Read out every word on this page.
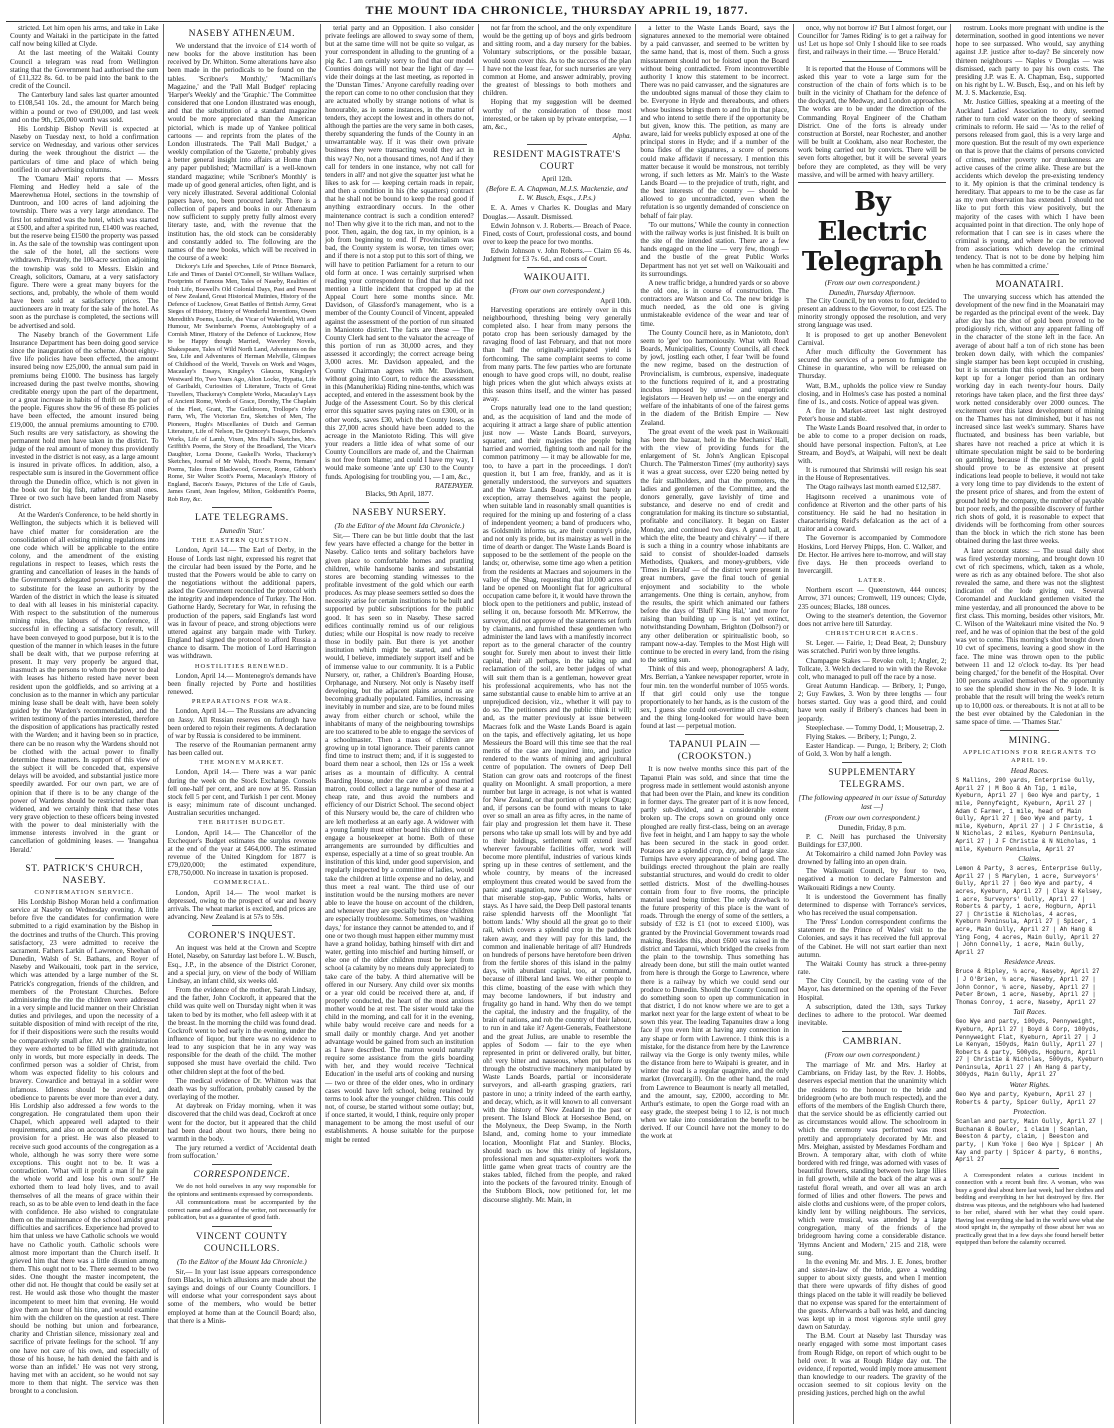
THE MOUNT IDA CHRONICLE, THURSDAY APRIL 19, 1877.

stricted. Let him open his arms, and take in Lake County and Waitaki in the participate in the fatted calf now being killed at Clyde.

At the last meeting of the Waitaki County Council a telegram was read from Wellington stating that the Government had authorised the sum of £11,322 8s. 6d. to be paid into the bank to the credit of the Council.

The Canterbury land sales last quarter amounted to £108,541 10s. 2d., the amount for March being within a pound or two of £90,000, and last week and on the 9th, £26,000 worth was sold.

His Lordship Bishop Nevill is expected at Naseby on Tuesday next, to hold a confirmation service on Wednesday, and various other services during the week throughout the district — the particulars of time and place of which being notified in our advertising columns.

The 'Oamaru Mail' reports that — Messrs Fleming and Hedley held a sale of the Maerewhenua Hotel, sections in the township of Duntroon, and 100 acres of land adjoining the township. There was a very large attendance. The first lot submitted was the hotel, which was started at £500, and after a spirited run, £1400 was reached, but the reserve being £1500 the property was passed in. As the sale of the township was contingent upon the sale of the hotel, all the sections were withdrawn. Privately, the 100-acre section adjoining the township was sold to Messrs. Elskin and Creagh, solicitors, Oamaru, at a very satisfactory figure. There were a great many buyers for the sections, and, probably, the whole of them would have been sold at satisfactory prices. The auctioneers are in treaty for the sale of the hotel. As soon as the purchase is completed, the sections will be advertised and sold.

The Naseby branch of the Government Life Insurance Department has been doing good service since the inauguration of the scheme. About eighty-five life policies have been effected, the amount insured being now £25,000, the annual sum paid in premiums being £1000. The business has largely increased during the past twelve months, showing creditable energy upon the part of the department, or a great increase in habits of thrift on the part of the people. Figures show the 96 of these 85 policies have been effected, the amount insured being £19,000, the annual premiums amounting to £700. Such results are very satisfactory, as showing the permanent hold men have taken in the district. To judge of the real amount of money thus providently invested in the district is not easy, as a large amount is insured in private offices. In addition, also, a respectable sum is insured in the Government office through the Dunedin office, which is not given in the book out for big fish, rather than small ones. Three or two such have been landed from Naseby district.

At the Warden's Conference, to be held shortly in Wellington, the subjects which it is believed will have chief matter for consideration are the consolidation of all existing mining regulations into one code which will be applicable to the entire colony, and the amendment of the existing regulations in respect to leases, which rests the granting and cancellation of leases in the hands of the Government's delegated powers. It is proposed to substitute for the lease an authority by the Warden of the district in which the lease is situated to deal with all leases in his ministerial capacity. With respect to the substitution of the numerous mining rules, the labours of the Conference, if successful in effecting a satisfactory result, will have been conveyed to good purpose, but it is to the question of the manner in which leases in the future shall be dealt with, that we purpose referring at present. It may very properly be argued that, inasmuch as the persons to whom the power to deal with leases has hitherto rested have never been resident upon the goldfields, and so arriving at a conclusion as to the manner in which any particular mining lease shall be dealt with, have been solely guided by the Warden's recommendation, and the written testimony of the parties interested, therefore the disposition of applications has practically rested with the Warden; and it having been so in practice, there can be no reason why the Wardens should not be clothed with the actual power to finally determine these matters. In support of this view of the subject it will be conceded that, expensive delays will be avoided, and substantial justice more speedily awarded. For our own part, we are of opinion that if there is to be any change of the power of Wardens should be restricted rather than widened, and we certainly think that these votes very grave objection to these officers being invested with the power to deal ministerially with the immense interests involved in the grant or cancellation of goldmining leases. — 'Inangahua Herald.'

ST. PATRICK'S CHURCH, NASEBY.
CONFIRMATION SERVICE.

His Lordship Bishop Moran held a confirmation service at Naseby on Wednesday evening. A little before five the candidates for confirmation were submitted to a rigid examination by the Bishop in the doctrines and truths of the Church. This proving satisfactory, 23 were admitted to receive the sacrament. Fathers Larkin of Lawrence, Sheehan of Dunedin, Walsh of St. Bathans, and Royer of Naseby and Waikouaiti, took part in the service, which was attended by a large number of the St. Patrick's congregation, friends of the children, and members of the Protestant Churches. Before administering the rite the children were addressed in a very simple and lucid manner on their Christian duties and privileges, and upon the necessity of a suitable disposition of mind with receipt of the rite, for if their dispositions were such the results would be comparatively small after. All the administration they were exhorted to be filled with gratitude, not only in words, but more especially in deeds. The confirmed person was a soldier of Christ, from whom was expected fidelity to his colours and bravery. Cowardice and betrayal in a soldier were infamous. Idleness should be avoided, and obedience to parents be ever more than ever a duty. His Lordship also addressed a few words to the congregation. He congratulated them upon their Chapel, which appeared well adapted to their requirements, and also on account of the exuberant provision for a priest. He was also pleased to receive such good accounts of the congregation as a whole, although he was sorry there were some exceptions. This ought not to be. It was a contradiction. 'What will it profit a man if he gain the whole world and lose his own soul?' He exhorted them to lead holy lives, and to avail themselves of all the means of grace within their reach, so as to be able even to lend death in the face with confidence. He also wished to congratulate them on the maintenance of the school amidst great difficulties and sacrifices. Experience had proved to him that unless we have Catholic schools we would have no Catholic youth. Catholic schools were almost more important than the Church itself. It grieved him that there was a little disunion among them. This ought not to be. There seemed to be two sides. One thought the master incompetent, the other did not. He thought that could be easily set at rest. He would ask those who thought the master incompetent to meet him that evening. He would give them an hour of his time, and would examine him with the children on the question at rest. There should be nothing but union and forbearance, charity and Christian silence, missionary zeal and sacrifice of private feelings for the school. 'If any one have not care of his own, and especially of those of his house, he hath denied the faith and is worse than an infidel.' He was not very strong, having met with an accident, so he would not say more to them that night. The service was then brought to a conclusion.

NASEBY ATHENÆUM.

We understand that the invoice of £14 worth of new books for the above institution has been received by Dr. Whitton. Some alterations have also been made in the periodicals to be found on the tables. 'Scribner's Monthly,' 'Macmillan's Magazine,' and the 'Pall Mall Budget' replacing 'Harper's Weekly' and the 'Graphic.' The Committee considered that one London illustrated was enough, and that the substitution of a standard magazine would be more appreciated than the American pictorial, which is made up of Yankee political cartoons — and reprints from the plates of the London illustrateds. The 'Pall Mall Budget,' a weekly compilation of the 'Gazette,' probably gives a better general insight into affairs at Home than any paper published; 'Macmillan' is a well-known standard magazine; while 'Scribner's Monthly' is made up of good general articles, often light, and is very nicely illustrated. Several additional Colonial papers have, too, been procured lately. There is a collection of papers and books in our Athenæum now sufficient to supply pretty fully almost every literary taste, and, with the revenue that the institution has, the old stock can be considerably and constantly added to. The following are the names of the new books, which will be received in the course of a week:

Dickory's Life and Speeches, Life of Prince Bismarck, Life and Times of Daniel O'Connell, Sir William Wallace, Footprints of Famous Men, Tales of Naseby, Realities of Irish Life, Boswell's Old Colonial Days, Past and Present of New Zealand, Great Historical Mutinies, History of the Defence of Lucknow, Great Battles of British Army, Great Sieges of History, History of Wonderful Inventions, Owen Meredith's Poems, Lucile, the Vicar of Wakefield, Wit and Humour, Mr Swinburne's Poems, Autobiography of a Cornish Miner, History of the Defence of Lucknow, How to be Happy though Married, Waverley Novels, Shakespeare, Tales of Wild North Land, Adventures on the Sea, Life and Adventures of Herman Melville, Glimpses of Childhood of the World, Travels on Work and Wages, Macaulay's Essays, Kingsley's Glaucus, Kingsley's Westward Ho, Two Years Ago, Alton Locke, Hypatia, Life of Garibaldi, Curiosities of Literature, Tracts of Great Travellers, Thackeray's Complete Works, Macaulay's Lays of Ancient Rome, Words of Grace, Dorothy, The Chaplain of the Fleet, Grant, The Guildroom, Trollope's Orley Farm, Wh, The Victorian Era, Sketches of Men, The Pioneers, Hugh's Miscellanies of Dutch and German Literature, Life of Nelson, De Quincey's Essays, Dickens's Works, Life of Lamb, Vixen, Mrs Hall's Sketches, Mrs. Griffith's Poems, the Story of the Broadland, The Vicar's Daughter, Lorna Doone, Gaskell's Works, Thackeray's Sketches, Journal of Mr Walsh, Hood's Poems, Hemans' Poems, Tales from Blackwood, Greece, Rome, Gibbon's Rome, Sir Walter Scott's Poems, Macaulay's History of England, Bacon's Essays, Pictures of the Life of Gauls, James Grant, Jean Ingelow, Milton, Goldsmith's Poems, Rob Roy, &c.

LATE TELEGRAMS.
Dunedin 'Star.'
THE EASTERN QUESTION.

London, April 14.— The Earl of Derby, in the House of Lords last night, expressed his regret that the circular had been issued by the Porte, and he trusted that the Powers would be able to carry on the negotiations without the additional papers, asked the Government reconciled the protocol with the integrity and independence of Turkey. The Hon. Gathorne Hardy, Secretary for War, in refusing the production of the papers, said England's last word was in favour of peace, and strong objections were uttered against any bargain made with Turkey. England had signed the protocol to afford Russia a chance to disarm. The motion of Lord Harrington was withdrawn.

HOSTILITIES RENEWED.

London, April 14.— Montenegro's demands have been finally rejected by Porte and hostilities renewed.

PREPARATIONS FOR WAR.

London, April 14.— The Russians are advancing on Jassy. All Russian reserves on furlough have been ordered to rejoin their regiments. A declaration of war by Russia is considered to be imminent.

The reserve of the Roumanian permanent army has been called out.

THE MONEY MARKET.

London, April 14.— There was a war panic during the week on the Stock Exchange. Consols fell one-half per cent, and are now at 95. Russian stock fell 5 per cent, and Turkish 1 per cent. Money is easy; minimum rate of discount unchanged. Australian securities unchanged.

THE BRITISH BUDGET.

London, April 14.— The Chancellor of the Exchequer's Budget estimates the surplus revenue at the end of the year at £464,000. The estimated revenue of the United Kingdom for 1877 is £79,020,000; the estimated expenditure, £78,750,000. No increase in taxation is proposed.

COMMERCIAL.

London, April 14.— The wool market is depressed, owing to the prospect of war and heavy arrivals. The wheat market is excited, and prices are advancing. New Zealand is at 57s to 59s.

CORONER'S INQUEST.

An inquest was held at the Crown and Sceptre Hotel, Naseby, on Saturday last before L. W. Busch, Esq., J.P., in the absence of the District Coroner, and a special jury, on view of the body of William Lindsay, an infant child, six weeks old.

From the evidence of the mother, Sarah Lindsay, and the father, John Cockroft, it appeared that the child was quite well on Thursday night when it was taken to bed by its mother, who fell asleep with it at the breast. In the morning the child was found dead. Cockroft went to bed early in the evening, under the influence of liquor, but there was no evidence to lead to any suspicion that he in any way was responsible for the death of the child. The mother supposed she must have overlaid the child. Two other children slept at the foot of the bed.

The medical evidence of Dr. Whitton was that death was by suffocation, probably caused by the overlaying of the mother.

At daybreak on Friday morning, when it was discovered that the child was dead, Cockroft at once went for the doctor, but it appeared that the child had been dead about two hours, there being no warmth in the body.

The jury returned a verdict of 'Accidental death from suffocation.'

CORRESPONDENCE.

We do not hold ourselves in any way responsible for the opinions and sentiments expressed by correspondents.

All communications must be accompanied by the correct name and address of the writer, not necessarily for publication, but as a guarantee of good faith.

VINCENT COUNTY COUNCILLORS.
(To the Editor of the Mount Ida Chronicle.)

Sir,— In your last issue appears correspondence from Blacks, in which allusions are made about the sayings and doings of our County Councillors. I will endorse what your correspondent says about some of the members, who would be better employed at home than at the Council Board; also, that there is a Minis-

terial party and an Opposition. I also consider private feelings are allowed to sway some of them, but at the same time will not be quite so vulgar, as your correspondent in alluding to the grunting of a pig &c. I am certainly sorry to find that our model Counties doings will not bear the light of day — vide their doings at the last meeting, as reported in the 'Dunstan Times.' Anyone carefully reading over the report can come to no other conclusion that they are actuated wholly by strange notions of what is honourable, as in some instances, in the matter of tenders, they accept the lowest and in others do not, although the parties are the very same in both cases, thereby squandering the funds of the County in an unwarrantable way. If it was their own private business they were transacting would they act in this way? No, not a thousand times, no! And if they call for tenders in one instance, why not call for tenders in all? and not give the squatter just what he likes to ask for — keeping certain roads in repair, and then a condition in his (the squatters) contract that he shall not be bound to keep the road good if anything extraordinary occurs. In the other maintenance contract is such a condition entered? no! Then why give it to the rich man, and not to the poor. Then, again, the dog tax, in my opinion, is a job from beginning to end. If Provincialism was bad, the County system is worse, ten times over; and if there is not a stop put to this sort of thing, we will have to petition Parliament for a return to our old form at once. I was certainly surprised when reading your correspondent to find that he did not mention a little incident that cropped up at the Appeal Court here some months since. Mr. Davidson, of Glassford's management, who is a member of the County Council of Vincent, appealed against the assessment of the portion of run situated in Maniototo district. The facts are these — The County Clerk had sent to the valuator the acreage of this portion of run as 30,000 acres, and they assessed it accordingly; the correct acreage being 3,000 acres. Mr. Davidson appealed, and the County Chairman agrees with Mr. Davidson, without going into Court, to reduce the assessment in this (Manuherikia) Riding nine-tenths, which was accepted, and entered in the assessment book by the Judge of the Assessment Court. So by this clerical error this squatter saves paying rates on £300, or in other words, saves £30, which the County loses, as this 27,000 acres should have been added to the acreage in the Maniototo Riding. This will give your readers a little idea of what some of our County Councillors are made of, and the Chairman is not free from blame; and could I have my way, I would make someone 'ante up' £30 to the County funds. Apologising for troubling you, — I am, &c.,

RATEPAYER.
Blacks, 9th April, 1877.
NASEBY NURSERY.
(To the Editor of the Mount Ida Chronicle.)

Sir,— There can be but little doubt that the last few years have effected a change for the better in Naseby. Calico tents and solitary bachelors have given place to comfortable homes and prattling children, while handsome banks and substantial stores are becoming standing witnesses to the profitable investment of the gold which our earth produces. As may please seemers settled so does the necessity arise for certain institutions to be built and supported by public subscriptions for the public good. It has seen so in Naseby. These sacred edifices continually remind us of our religious duties; while our Hospital is now ready to receive those in bodily pain. But there is yet another institution which might be started, and which would, I believe, immediately support itself and be of immense value to our community. It is a Public Nursery, or, rather, a Children's Boarding House, Orphanage, and Nursery. Not only is Naseby itself developing, but the adjacent plains around us are becoming gradually populated. Families, increasing inevitably in number and size, are to be found miles away from either church or school, while the inhabitants of many of the neighbouring townships are too scattered to be able to engage the services of a schoolmaster. Then a mass of children are growing up in total ignorance. Their parents cannot find time to instruct them; and, if it is suggested to board them near a school, then 12s or 15s a week arises as a mountain of difficulty. A central Boarding House, under the care of a good married matron, could collect a large number of these at a cheap rate, and thus avoid the numbers and efficiency of our District School. The second object of this Nursery would be, the care of children who are left motherless at an early age. A widower with a young family must either board his children out or engage a housekeeper at home. Both of these arrangements are surrounded by difficulties and expense, especially at a time of so great trouble. An institution of this kind, under good supervision, and regularly inspected by a committee of ladies, would take the children at little expense and no delay, and thus meet a real want. The third use of our institution would be the nursing mothers are never able to leave the house on account of the children, and whenever they are specially busy these children are especially troublesome. Sometimes, on 'washing days,' for instance they cannot be attended to, and if one or two though must happen either mummy must have a grand holiday, bathing himself with dirt and water, getting into mischief and hurting himself, or else one of the older children must be kept from school (a calamity by no means duly appreciated) to take care of the baby. A third alternative will be offered in our Nursery. Any child over six months or a year old could be received there at, and, if properly conducted, the heart of the most anxious mother would be at rest. The sister would take the child in the morning, and call for it in the evening, while baby would receive care and needs for a small daily or monthly charge. And yet another advantage would be gained from such an institution as I have described. The matron would naturally require some assistance from the girls boarding with her, and they would receive 'Technical Education' in the useful arts of cooking and nursing — two or three of the elder ones, who in ordinary cases would have left school, being retained by terms to look after the younger children. This could not, of course, be started without some outlay; but, if once started, it would, I think, require only proper management to be among the most useful of our establishments. A house suitable for the purpose might be rented

not far from the school, and the only expenditure would be the getting up of boys and girls bedroom and sitting room, and a day nursery for the babies. Voluntary subscriptions, or the possible bazaar, would soon cover this. As to the success of the plan I have not the least fear, for such nurseries are very common at Home, and answer admirably, proving the greatest of blessings to both mothers and children.

Hoping that my suggestion will be deemed worthy of the consideration of those most interested, or be taken up by private enterprise, — I am, &c.,

Alpha.
RESIDENT MAGISTRATE'S COURT
April 12th.
(Before E. A. Chapman, M.J.S. Mackenzie, and L. W. Busch, Esqs., J.P.s.)

E. A. Ames v Charles K. Douglas and Mary Douglas.— Assault. Dismissed.

Edwin Johnson v. J. Roberts.— Breach of Peace. Fined, costs of Court, professional costs, and bound over to keep the peace for two months.

Edwin Johnson v. John Roberts.— Claim £6 4s. Judgment for £3 7s. 6d., and costs of Court.

WAIKOUAITI.
(From our own correspondent.)
April 10th.

Harvesting operations are entirely over in this neighbourhood, threshing being very generally completed also. I hear from many persons the potato crop has been seriously damaged by the ravaging flood of last February, and that not more than half the originally-anticipated yield is forthcoming. The same complaint seems to come from many parts. The few parties who are fortunate enough to have good crops will, no doubt, realise high prices when the glut which always exists at this season thins itself, and the winter has passed away.

Crops naturally lead one to the land question; and, as the acquisition of land and the mode of acquiring it attract a large share of public attention just now — Waste Lands Board, surveyors, squatter, and their majesties the people being harried and worried, fighting tooth and nail for the common patrimony — it may be allowable for me, too, to have a part in the proceedings. I don't question it, but I am free, frankly, and as it is generally understood, the surveyors and squatters and the Waste Lands Board, with but barely an exception, array themselves against the people, when suitable land in reasonably small quantities is required for the mining up and fostering of a class of independent yeomen; a band of producers who, as Goldsmith informs us, are their country's pride, and not only its pride, but its mainstay as well in the time of dearth or danger. The Waste Lands Board is supposed to be the settlement of the people on the lands; or, otherwise, some time ago when a petition from the residents at Macraes and sojourners in the valley of the Shag, requesting that 10,000 acres of land be opened on Moonlight flat for agricultural occupation came before it, it would have thrown the block open to the petitioners and public, instead of selling it on, because forsooth Mr. M'Kerrow, the surveyor, did not approve of the statements set forth by claimants, and furnished these gentlemen who administer the land laws with a manifestly incorrect report as to the general character of the country sought for. Surely men about to invest their little capital, their all perhaps, in the taking up and reclamation of the soil, are better judges of what will suit them than is a gentleman, however great his professional acquirements, who has not the same substantial cause to enable him to arrive at an unprejudiced decision, viz., whether it will pay to do so. The petitioners and the public think it will; and, as the matter previously at issue between Macraes folk and the Waste Lands Board is again on the tapis, and effectively agitating, let us hope Messieurs the Board will this time see that the real merits of the case are inquired into, and justice rendered to the wants of mining and agricultural centre of population. The owners of Deep Dell Station can grow oats and rootcrops of the finest quality on Moonlight. A small proportion, a mere number but large in acreage, is not what is wanted for New Zealand, or that portion of it yclept Otago; and, if persons can be found with means to take over so small an area as fifty acres, in the name of fair play and progression let them have it. These persons who take up small lots will by and bye add to their holdings, settlement will extend itself wherever favourable facilities offer, work will become more plentiful, industries of various kinds spring up in these centres of settlement, and the whole country, by means of the increased employment thus created would be saved from the panic and stagnation, now so common, whenever that miserable stop-gap, Public Works, halts or stays. As I have said, the Deep Dell pastoral tenants raise splendid harvests off the Moonlight 'fat bottom lands.' Why should all the great go to their rail, which covers a splendid crop in the paddock taken away, and they will pay for this land, the common and inalienable heritage of all? Hundreds on hundreds of persons have heretofore been driven from the fertile shores of this island in the palmy days, with abundant capital, too, at command, because of illiberal land laws. We either people to this clime, boasting of the ease with which they may become landowners, if but industry and frugality go hand in hand. Why then do we tempt the capital, the industry and the frugality, of the brain of nations, and rob the country of their labour, to run in and take it? Agent-Generals, Featherstone and the great Julius, are unable to resemble the apples of Sodom — fair to the eye when represented in print or delivered orally, but bitter, oh! very bitter and nauseous, when put before us through the obstructive machinery manipulated by Waste Lands Boards, partial or inconsiderate surveyors, and all-earth grasping graziers, rari pastore in uno; a trinity indeed of the earth earthy, and decay, which, as it will known to all conversant with the history of New Zealand in the past or present. The Island Block at Horseshoe Bend, on the Molyneux, the Deep Swamp, in the North Island, and, coming home to your immediate location, Moonlight Flat and Stanley. Blocks, should teach us how this trinity of legislators, professional men and squatter-exploiters work the little game when great tracts of country are the stakes tabled, filched from the people, and raked into the pockets of the favoured trinity. Enough of the Stubborn Block, now petitioned for, let me discourse slightly. Mr. Main, in

a letter to the Waste Lands Board, says the signatures annexed to the memorial were obtained by a paid canvasser, and seemed to be written by the same hand, that is, most of them. Such a gross misstatement should not be foisted upon the Board without being contradicted. From incontrovertible authority I know this statement to be incorrect. There was no paid canvasser, and the signatures are the undoubted signs manual of those they claim to be. Everyone in Hyde and thereabouts, and others whose business brings them to and fro in that place, and who intend to settle there if the opportunity be but given, know this. The petition, as many are aware, laid for weeks publicly exposed at one of the principal stores in Hyde; and if a number of the bona fides of the signatures, a score of persons could make affidavit if necessary. I mention this matter because it would be monstrous, not terribly wrong, if such letters as Mr. Main's to the Waste Lands Board — to the prejudice of truth, right, and the best interests of the country — should be allowed to go uncontradicted, even when the refutation is so urgently demanded of conscience on behalf of fair play.

'To our muttons,' While the county in connection with the railway works is just finished. It is built on the site of the intended station. There are a few hands engaged on the line — very few, though — and the bustle of the great Public Works Department has not yet set well on Waikouaiti and its surroundings.

A new traffic bridge, a hundred yards or so above the old one, is in course of construction. The contractors are Watson and Co. The new bridge is much needed, as the old one is giving unmistakeable evidence of the wear and tear of time.

The County Council here, as in Maniototo, don't seem to 'gee' too harmoniously. What with Road Boards, Municipalities, County Councils, all check by jowl, jostling each other, I fear 'twill be found the new regime, based on the destruction of Provincialism, is cumbrous, expensive, inadequate to the functions required of it, and a prostrating incubus imposed by unwise and unpatriotic legislators — Heaven help us! — on the energy and welfare of the inhabitants of one of the fairest gems in the diadem of the British Empire — New Zealand.

The great event of the week past in Waikouaiti has been the bazaar, held in the Mechanics' Hall, with the view of providing funds for the enlargement of St. John's Anglican Episcopal Church. The 'Palmerston Times' (my authority) says it was a great success, over £220 being netted by the fair stallholders, and that the promoters, the ladies and gentlemen of the Committee, and the donors generally, gave lavishly of time and substance, and deserve no end of credit and congratulation for making its tincture so substantial, profitable and conciliatory. It began on Easter Monday, and continued two days. A grand ball, at which the elite, the 'beauty and chivalry' — if there is such a thing in a country whose inhabitants are said to consist of shoulder-loaded damsels Methodists, Quakers, and money-grubbers, vide 'Times in Herald' — of the district were present in great numbers, gave the final touch of genial enjoyment and sociability to the whole arrangements. One thing is certain, anyhow, from the results, the spirit which animated our fathers before the days of 'Bluff King Hal,' 'and more for raising than building up — is not yet extinct, notwithstanding Downham, Brighton (Dolbson?) or any other deliberation or spiritualistic boob, so rampant now-a-day. Temples to the Most High will continue to be erected in every land, from the rising to the setting sun.

Think of this and weep, phonographers! A lady, Mrs. Berrian, a Yankee newspaper reporter, wrote in four min. ten the wonderful number of 1055 words. If that girl could only use the tongue proportionately to her hands, as is the custom of the sex, I guess she could out-overtime all cre-a-shun; and the thing long-looked for would have been found at last — perpetual motion.

TAPANUI PLAIN — (CROOKSTON.)

It is now twelve months since this part of the Tapanui Plain was sold, and since that time the progress made in settlement would astonish anyone that had been over the Plain, and knew its condition in former days. The greater part of it is now fenced, partly sub-divided, and a considerable extent broken up. The crops sown on ground only once ploughed are really first-class, being on an average five feet in height, and I am happy to say the whole has been secured in the stack in good order. Potatoes are a splendid crop, dry, and of large size. Turnips have every appearance of being good. The buildings erected throughout the plain are really substantial structures, and would do credit to older settled districts. Most of the dwelling-houses contain from four to five rooms, the principle material used being timber. The only drawback to the future prosperity of this place is the want of roads. Through the energy of some of the settlers, a subsidy of £32 is £1 (not to exceed £100), was granted by the Provincial Government towards road making. Besides this, about £600 was raised in the district and Tapanui, which bridged the creeks from the plain to the township. Thus something has already been done, but still the main outlet wanted from here is through the Gorge to Lawrence, where there is a railway by which we could send our produce to Dunedin. Should the County Council not do something soon to open up communication in that district, I do not know where we are to get a market next year for the large extent of wheat to be sown this year. The leading Tapanuites draw a long face if you even hint at having any connection in any shape or form with Lawrence. I think this is a mistake, for the distance from here by the Lawrence railway via the Gorge is only twenty miles, while the distance from here to Waipahi is greater, and in winter the road is a regular quagmire, and the only market (Invercargill). On the other hand, the road from Lawrence to Beaumont is nearly all metalled, and the amount, say, £2000, according to Mr. Arthur's estimate, to open the Gorge road with an easy grade, the steepest being 1 to 12, is not much when we take into consideration the benefit to be derived. If our Council have not the money to do the work at

once, why not borrow it? But I almost forget, our Councillor for 'James Riding' is to get a railway for us! Let us hope so! Only I should like to see roads first, and railways in their time. — 'Bruce Herald.'

It is reported that the House of Commons will be asked this year to vote a large sum for the construction of the chain of forts which is to be built in the vicinity of Chatham for the defence of the dockyard, the Medway, and London approaches. The works are to be under the direction of the Commanding Royal Engineer of the Chatham District. One of the forts is already under construction at Borstel, near Rochester, and another will be built at Cookham, also near Rochester, the work being carried out by convicts. There will be seven forts altogether, but it will be several years before they are completed, as they will be very massive, and will be armed with heavy artillery.

By Electric Telegraph
(From our own correspondent.)
Dunedin, Thursday Afternoon.

The City Council, by ten votes to four, decided to present an address to the Governor, to cost £25. The minority strongly opposed the resolution, and very strong language was used.

It is proposed to get up another Benevolent Carnival.

After much difficulty the Government has secured the services of a person to fumigate the Chinese in quarantine, who will be released on Thursday.

Watt, B.M., upholds the police view re Sunday closing, and in Holmes's case has posted a nominal fine of 1s., and costs. Notice of appeal was given.

A fire in Market-street last night destroyed Peter's house and stable.

The Waste Lands Board resolved that, in order to be able to come to a proper decision on roads, should have personal inspection. Fulton's, at Lee Stream, and Boyd's, at Waipahi, will next be dealt with.

It is rumoured that Shrimski will resign his seat in the House of Representatives.

The Otago railways last month earned £12,587.

Hagitsonn received a unanimous vote of confidence at Riverton and the other parts of his constituency. He said he had no hesitation in characterising Reid's defalcation as the act of a traitor and a coward.

The Governor is accompanied by Commodore Hoskins, Lord Hervey Phipps, Hon. C. Walker, and Dr. Hector. He arrives here to-morrow, and will stay five days. He then proceeds overland to Invercargill.

LATER.

Northern escort — Queenstown, 444 ounces; Arrow, 371 ounces; Cromwell, 119 ounces; Clyde, 235 ounces; Blacks, 188 ounces.

Owing to the steamer's detention, the Governor does not arrive here till Saturday.

CHRISTCHURCH RACES.

St. Leger. — Fairie, 1; Dead Beat, 2; Dunsbury was scratched. Puriri won by three lengths.

Champagne Stakes — Revoke colt, 1; Angler, 2; Tollcate, 3. Welch declared to win with the Revoke colt, who managed to pull off the race by a nose.

Great Autumn Handicap. — Bribery, 1; Pungo, 2; Guy Fawkes, 3. Won by three lengths — four horses started. Guy was a good third, and could have won easily if Bribery's chances had been in jeopardy.

Steeplechase. — Tommy Dodd, 1; Mousetrap, 2.

Flying Stakes. — Bribery, 1; Pungo, 2.

Easter Handicap. — Pungo, 1; Bribery, 2; Cloth of Gold, 3. Won by half a length.

SUPPLEMENTARY TELEGRAMS.
[The following appeared in our issue of Saturday last —]
(From our own correspondent.)
Dunedin, Friday, 8 p.m.

P. C. Neill has purchased the University Buildings for £37,000.

At Tokomairiro a child named John Povley was drowned by falling into an open drain.

The Waikouaiti Council, by four to two, negatived a motion to declare Palmerston and Waikouaiti Ridings a new County.

It is understood the Government has finally determined to dispense with Torrance's services, who has received the usual compensation.

The 'Press' London correspondent confirms the statement re the Prince of Wales' visit to the Colonies, and says it has received the full approval of the Cabinet. He will not start earlier than next autumn.

The Waitaki County has struck a three-penny rate.

The City Council, by the casting vote of the Mayor, has determined on the opening of the Fever Hospital.

A subscription, dated the 13th, says Turkey declines to adhere to the protocol. War deemed inevitable.

CAMBRIAN.
(From our own correspondent.)

The marriage of Mr. and Mrs. Harley at Cambrians, on Friday last, by the Rev. J. Hobbs, deserves especial mention that the unanimity which the residents to the honour to the bride and bridegroom (who are both much respected), and the efforts of the members of the English Church there, that the service should be as efficiently carried out as circumstances would allow. The schoolroom in which the ceremony was performed was most prettily and appropriately decorated by Mr. and Mrs. Meighan, assisted by Mesdames Fordham and Brown. A temporary altar, with cloth of white bordered with red fringe, was adorned with vases of beautiful flowers, standing between two large lilies in full growth, while at the back of the altar was a tasteful floral wreath, and over all was an arch formed of lilies and other flowers. The pews and aisle cloths and cushions were, of the proper colors, kindly lent by willing neighbours. The services, which were musical, was attended by a large congregation, many of the friends of the bridegroom having come a considerable distance. 'Hymns Ancient and Modern,' 215 and 218, were sung.

In the evening Mr. and Mrs. J. E. Jones, brother and sister-in-law of the bride, gave a wedding supper to about sixty guests, and when I mention that there were upwards of fifty dishes of good things placed on the table it will readily be believed that no expense was spared for the entertainment of the guests. Afterwards a ball was held, and dancing was kept up in a most vigorous style until grey dawn on Saturday.

The B.M. Court at Naseby last Thursday was nearly engaged with some most important cases from Rough Ridge, on report of which ought to be held over. It was at Rough Ridge day out. The evidence, if reported, would imply more amusement than knowledge to our readers. The gravity of the occasion seemed to sit copious levity on the presiding justices, perched high on the awful

rostrum. Looks more pregnant with undine is the determination, soothed in good intentions we never hope to see surpassed. Who would, say anything against J.P. justice after to-day? Be sincerely now thirteen neighbours — Naples v Douglas — was dismissed, each party to pay his own costs. The presiding J.P. was E. A. Chapman, Esq., supported on his right by L. W. Busch, Esq., and on his left by M. J. S. Mackenzie, Esq.

Mr. Justice Gillies, speaking at a meeting of the Auckland Ladies' Association to duty, seemed rather to turn cold water on the theory of seeking criminals to reform. He said — 'As to the relief of persons released from gaol, this is a very large and more question. But the result of my own experience on that is prove that the claims of persons convicted of crimes, neither poverty nor drunkenness are active causes of the crime alike. These are but the accidents which develop the pre-existing tendency to it. My opinion is that the criminal tendency is hereditary. That appears to me to be the case as far as my own observation has extended. I should not like to put forth this view positively, but the majority of the cases with which I have been acquainted point in that direction. The only hope of reformation that I can see is in cases where the criminal is young, and where he can be removed from associations which develop the criminal tendency. That is not to be done by helping him when he has committed a crime.'

MOANATAIRI.

The unvarying success which has attended the development of the new find in the Moanatairi may be regarded as the principal event of the week. Day after day has the shot of gold been proved to be prodigiously rich, without any apparent falling off in the character of the stone left in the face. An average of about half a ton of rich stone has been broken down daily, with which the companies' single stamper has been kept occupied in crushing, but it is uncertain that this operation has not been kept up for a longer period than an ordinary working day in each twenty-four hours. Daily retorings have taken place, and the first three days' work netted considerably over 2000 ounces. The excitement over this latest development of mining on the Thames has not diminished, but it has not increased since last week's summary. Shares have fluctuated, and business has been variable, but shares have not reached a price at which it is ultimate speculation might be said to be bordering on gambling, because if the present shot of gold should prove to be as extensive at present indications lead people to believe, it would not take a very long time to pay dividends to the extent of the present price of shares, and from the extent of ground held by the company, the number of payable but poor reefs, and the possible discovery of further rich shots of gold, it is reasonable to expect that dividends will be forthcoming from other sources than the block in which the rich stone has been obtained during the last three weeks.

A later account states: — The usual daily shot was fired yesterday morning, and brought down 10 cwt of rich specimens, which, taken as a whole, were as rich as any obtained before. The shot also revealed the same, and there was not the slightest indication of the lode giving out. Several Coromandel and Auckland gentlemen visited the mine yesterday, and all pronounced the above to be first class. This morning, besides other visitors, Mr. C. Wilson of the Waitekauri mine visited the No. 9 reef, and he was of opinion that the best of the gold was yet to come. This morning's shot brought down 10 cwt of specimens, leaving a good show in the face. The mine was thrown open to the public between 11 and 12 o'clock to-day. Its 'per head being charged,' for the benefit of the Hospital. Over 100 persons availed themselves of the opportunity to see the splendid show in the No. 9 lode. It is probable that the result will bring the week's return up to 10,000 ozs. or thereabouts. It is not at all to be the best ever obtained by the Caledonian in the same space of time. — 'Thames Star.'

MINING.
APPLICATIONS FOR REGRANTS TO APRIL 19.
Head Races.
S Mallins, 200 yards, Enterprise Gully, April 27 | M Boo & Ah Tip, 1 mile, Kyeburn, April 27 | Geo Wye and party, 1 mile, Pennyfeight, Kyeburn, April 27 | Adam C Farmer, 1 mile, head of Main Gully, April 27 | Geo Wye and party, 1 mile, Kyeburn, April 27 | J F Christie, & N Nicholas, 2 miles, Kyeburn Peninsula, April 27 | J F Christie & N Nicholas, 1 mile, Kyeburn Peninsula, April 27
Claims.
Lemon & Party, 3 acres, Enterprise Gully, April 27 | S Marylen, 1 acre, Surveyors' Gully, April 27 | Geo Wye and party, 4 acres, Kyeburn, April 27 | Clay & Kelsey, 1 acre, Surveyors' Gully, April 27 | Roberts & party, 1 acre, Hogburn, April 27 | Christie & Nicholas, 4 acres, Kyeburn Peninsula, April 27 | Spicer, 1 acre, Main Gully, April 27 | Ah Hang & Ying Fong, 4 acres, Main Gully, April 27 | John Connelly, 1 acre, Main Gully, April 27
Residence Areas.
Bruce & Ripley, ¼ acre, Naseby, April 27 | J O'Brien, ¼ acre, Naseby, April 27 | John Connor, ¼ acre, Naseby, April 27 | Peter Brown, 1 acre, Naseby, April 27 | Thomas Conroy, 1 acre, Naseby, April 27
Tail Races.
Geo Wye and party, 100yds, Pennyweight, Kyeburn, April 27 | Boyd & Corp, 100yds, Pennyweight Flat, Kyeburn, April 27 | J Le Kenyan, 150yds, Main Gully, April 27 | Roberts & party, 500yds, Hogburn, April 27 | Christie & Nicholas, 500yds, Kyeburn Peninsula, April 27 | Ah Hang & party, 300yds, Main Gully, April 27
Water Rights.
Geo Wye and party, Kyeburn, April 27 | Roberts & party, Spicer Gully, April 27
Protection.
Scanlan and party, Main Gully, April 27 | Buchanan & Bowler, 1 claim | Scanlan, Beeston & party, claim, | Beeston and party, | Kum Yoke | Geo Wye | Spicer | Ah Kay and party | Spicer & party, 6 months, April 27

A Correspondent relates a curious incident in connection with a recent bush fire. A woman, who was busy a good deal about here last week, had her clothes and bedding and everything in her hut destroyed by fire. Her distress was piteous, and the neighbours who had hastened to her relief, shared with her what they could spare. Having lost everything she had in the world save what she stood upright in, the sympathy of those about her was so practically great that in a few days she found herself better equipped than before the calamity occurred.
